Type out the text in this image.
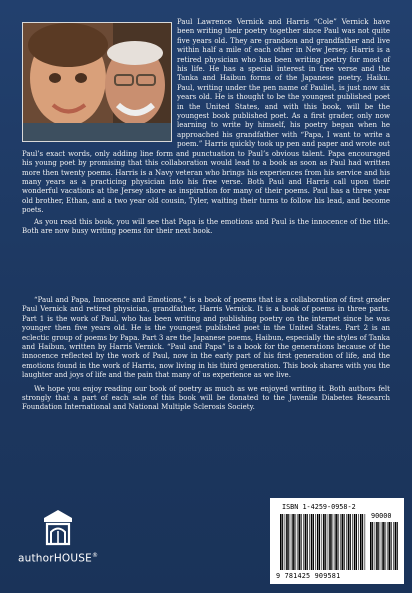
Paul Lawrence Vernick and Harris “Cole” Vernick have been writing their poetry together since Paul was not quite five years old. They are grandson and grandfather and live within half a mile of each other in New Jersey. Harris is a retired physician who has been writing poetry for most of his life. He has a special interest in free verse and the Tanka and Haibun forms of the Japanese poetry, Haiku. Paul, writing under the pen name of Pauliel, is just now six years old. He is thought to be the youngest published poet in the United States, and with this book, will be the youngest book published poet. As a first grader, only now learning to write by himself, his poetry began when he approached his grandfather with “Papa, I want to write a poem.” Harris quickly took up pen and paper and wrote out Paul’s exact words, only adding line form and punctuation to Paul’s obvious talent. Papa encouraged his young poet by promising that this collaboration would lead to a book as soon as Paul had written more then twenty poems. Harris is a Navy veteran who brings his experiences from his service and his many years as a practicing physician into his free verse. Both Paul and Harris call upon their wonderful vacations at the Jersey shore as inspiration for many of their poems. Paul has a three year old brother, Ethan, and a two year old cousin, Tyler, waiting their turns to follow his lead, and become poets.

As you read this book, you will see that Papa is the emotions and Paul is the innocence of the title. Both are now busy writing poems for their next book.

“Paul and Papa, Innocence and Emotions,” is a book of poems that is a collaboration of first grader Paul Vernick and retired physician, grandfather, Harris Vernick. It is a book of poems in three parts. Part 1 is the work of Paul, who has been writing and publishing poetry on the internet since he was younger then five years old. He is the youngest published poet in the United States. Part 2 is an eclectic group of poems by Papa. Part 3 are the Japanese poems, Haibun, especially the styles of Tanka and Haibun, written by Harris Vernick. “Paul and Papa” is a book for the generations because of the innocence reflected by the work of Paul, now in the early part of his first generation of life, and the emotions found in the work of Harris, now living in his third generation. This book shares with you the laughter and joys of life and the pain that many of us experience as we live.

We hope you enjoy reading our book of poetry as much as we enjoyed writing it. Both authors felt strongly that a part of each sale of this book will be donated to the Juvenile Diabetes Research Foundation International and National Multiple Sclerosis Society.

authorHOUSE®
ISBN 1-4259-0958-2
90000
9 781425 909581
